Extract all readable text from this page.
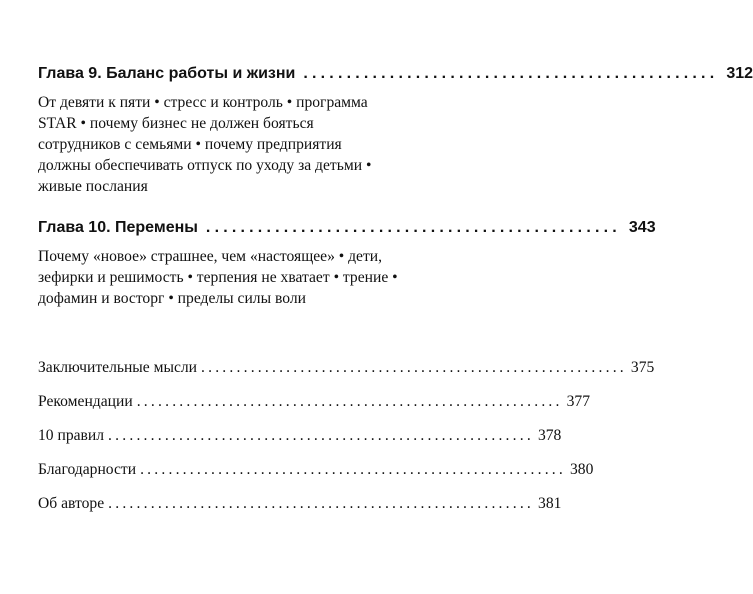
Глава 9. Баланс работы и жизни ................................................ 312
От девяти к пяти • стресс и контроль • программа
STAR • почему бизнес не должен бояться
сотрудников с семьями • почему предприятия
должны обеспечивать отпуск по уходу за детьми •
живые послания
Глава 10. Перемены ................................................ 343
Почему «новое» страшнее, чем «настоящее» • дети,
зефирки и решимость • терпения не хватает • трение •
дофамин и восторг • пределы силы воли
Заключительные мысли ............................................................ 375
Рекомендации ............................................................ 377
10 правил ............................................................ 378
Благодарности ............................................................ 380
Об авторе ............................................................ 381
